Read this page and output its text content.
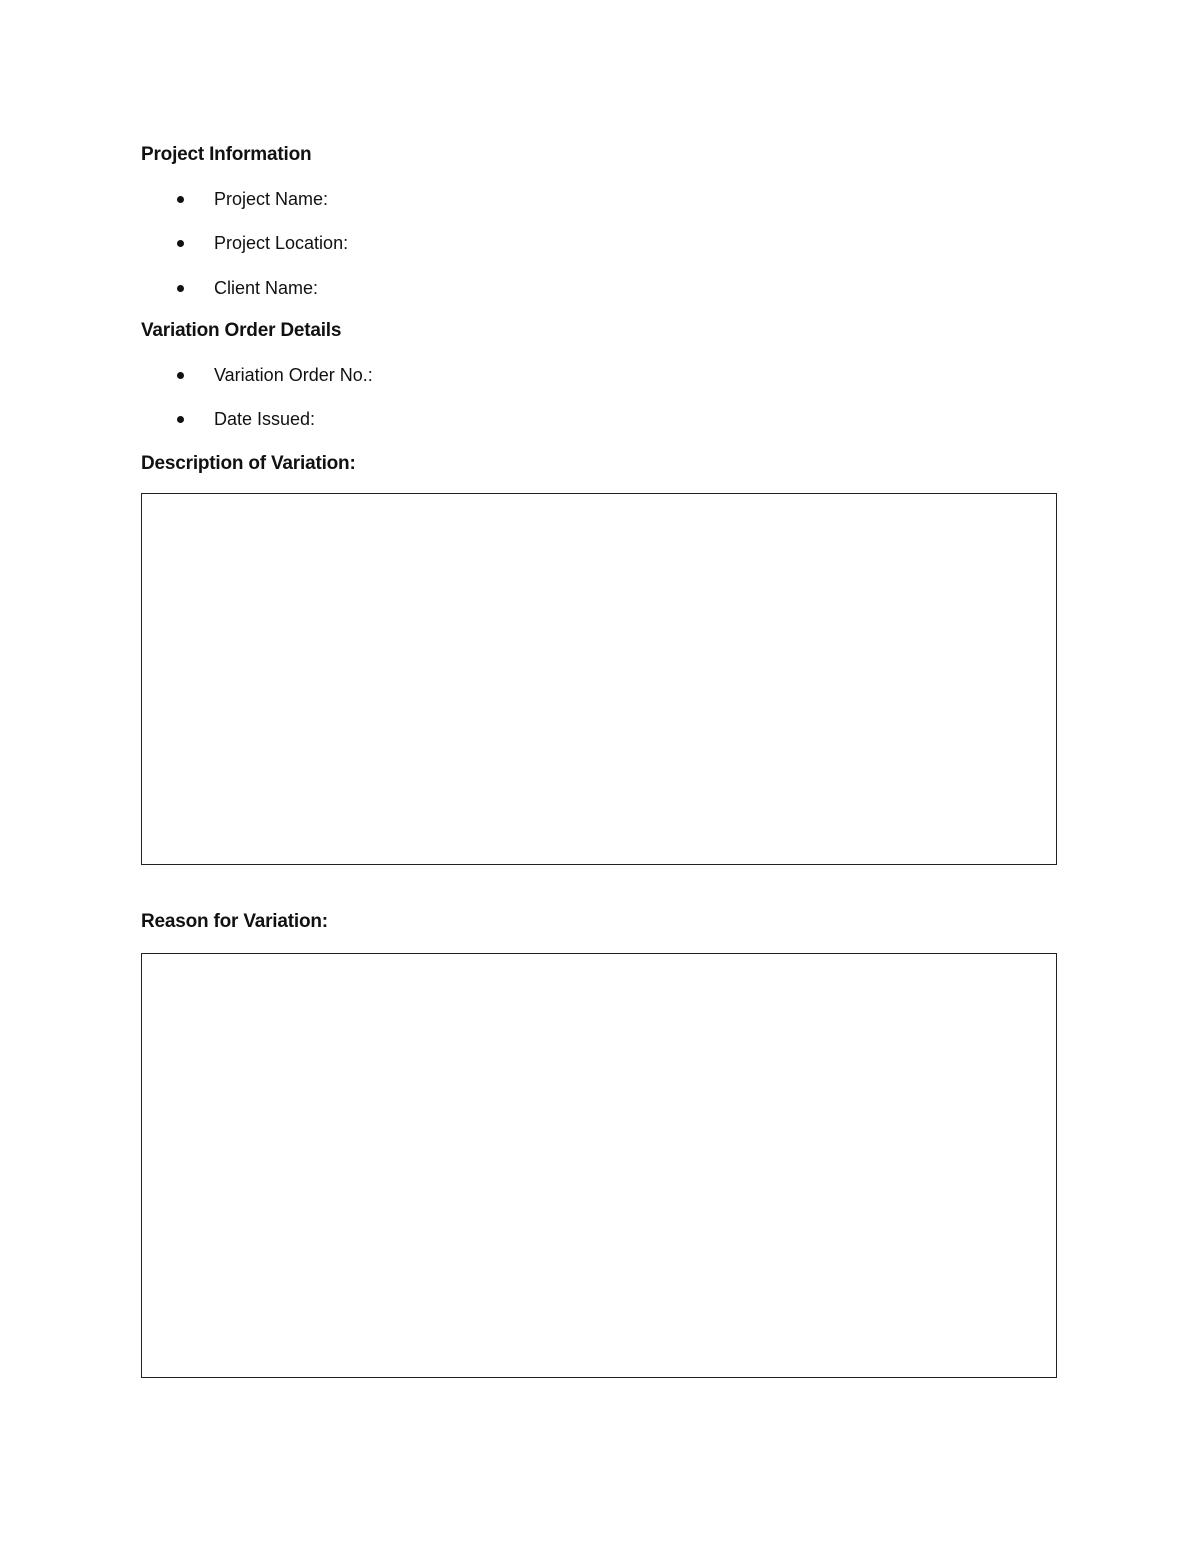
Project Information
Project Name:
Project Location:
Client Name:
Variation Order Details
Variation Order No.:
Date Issued:
Description of Variation:
Reason for Variation:
